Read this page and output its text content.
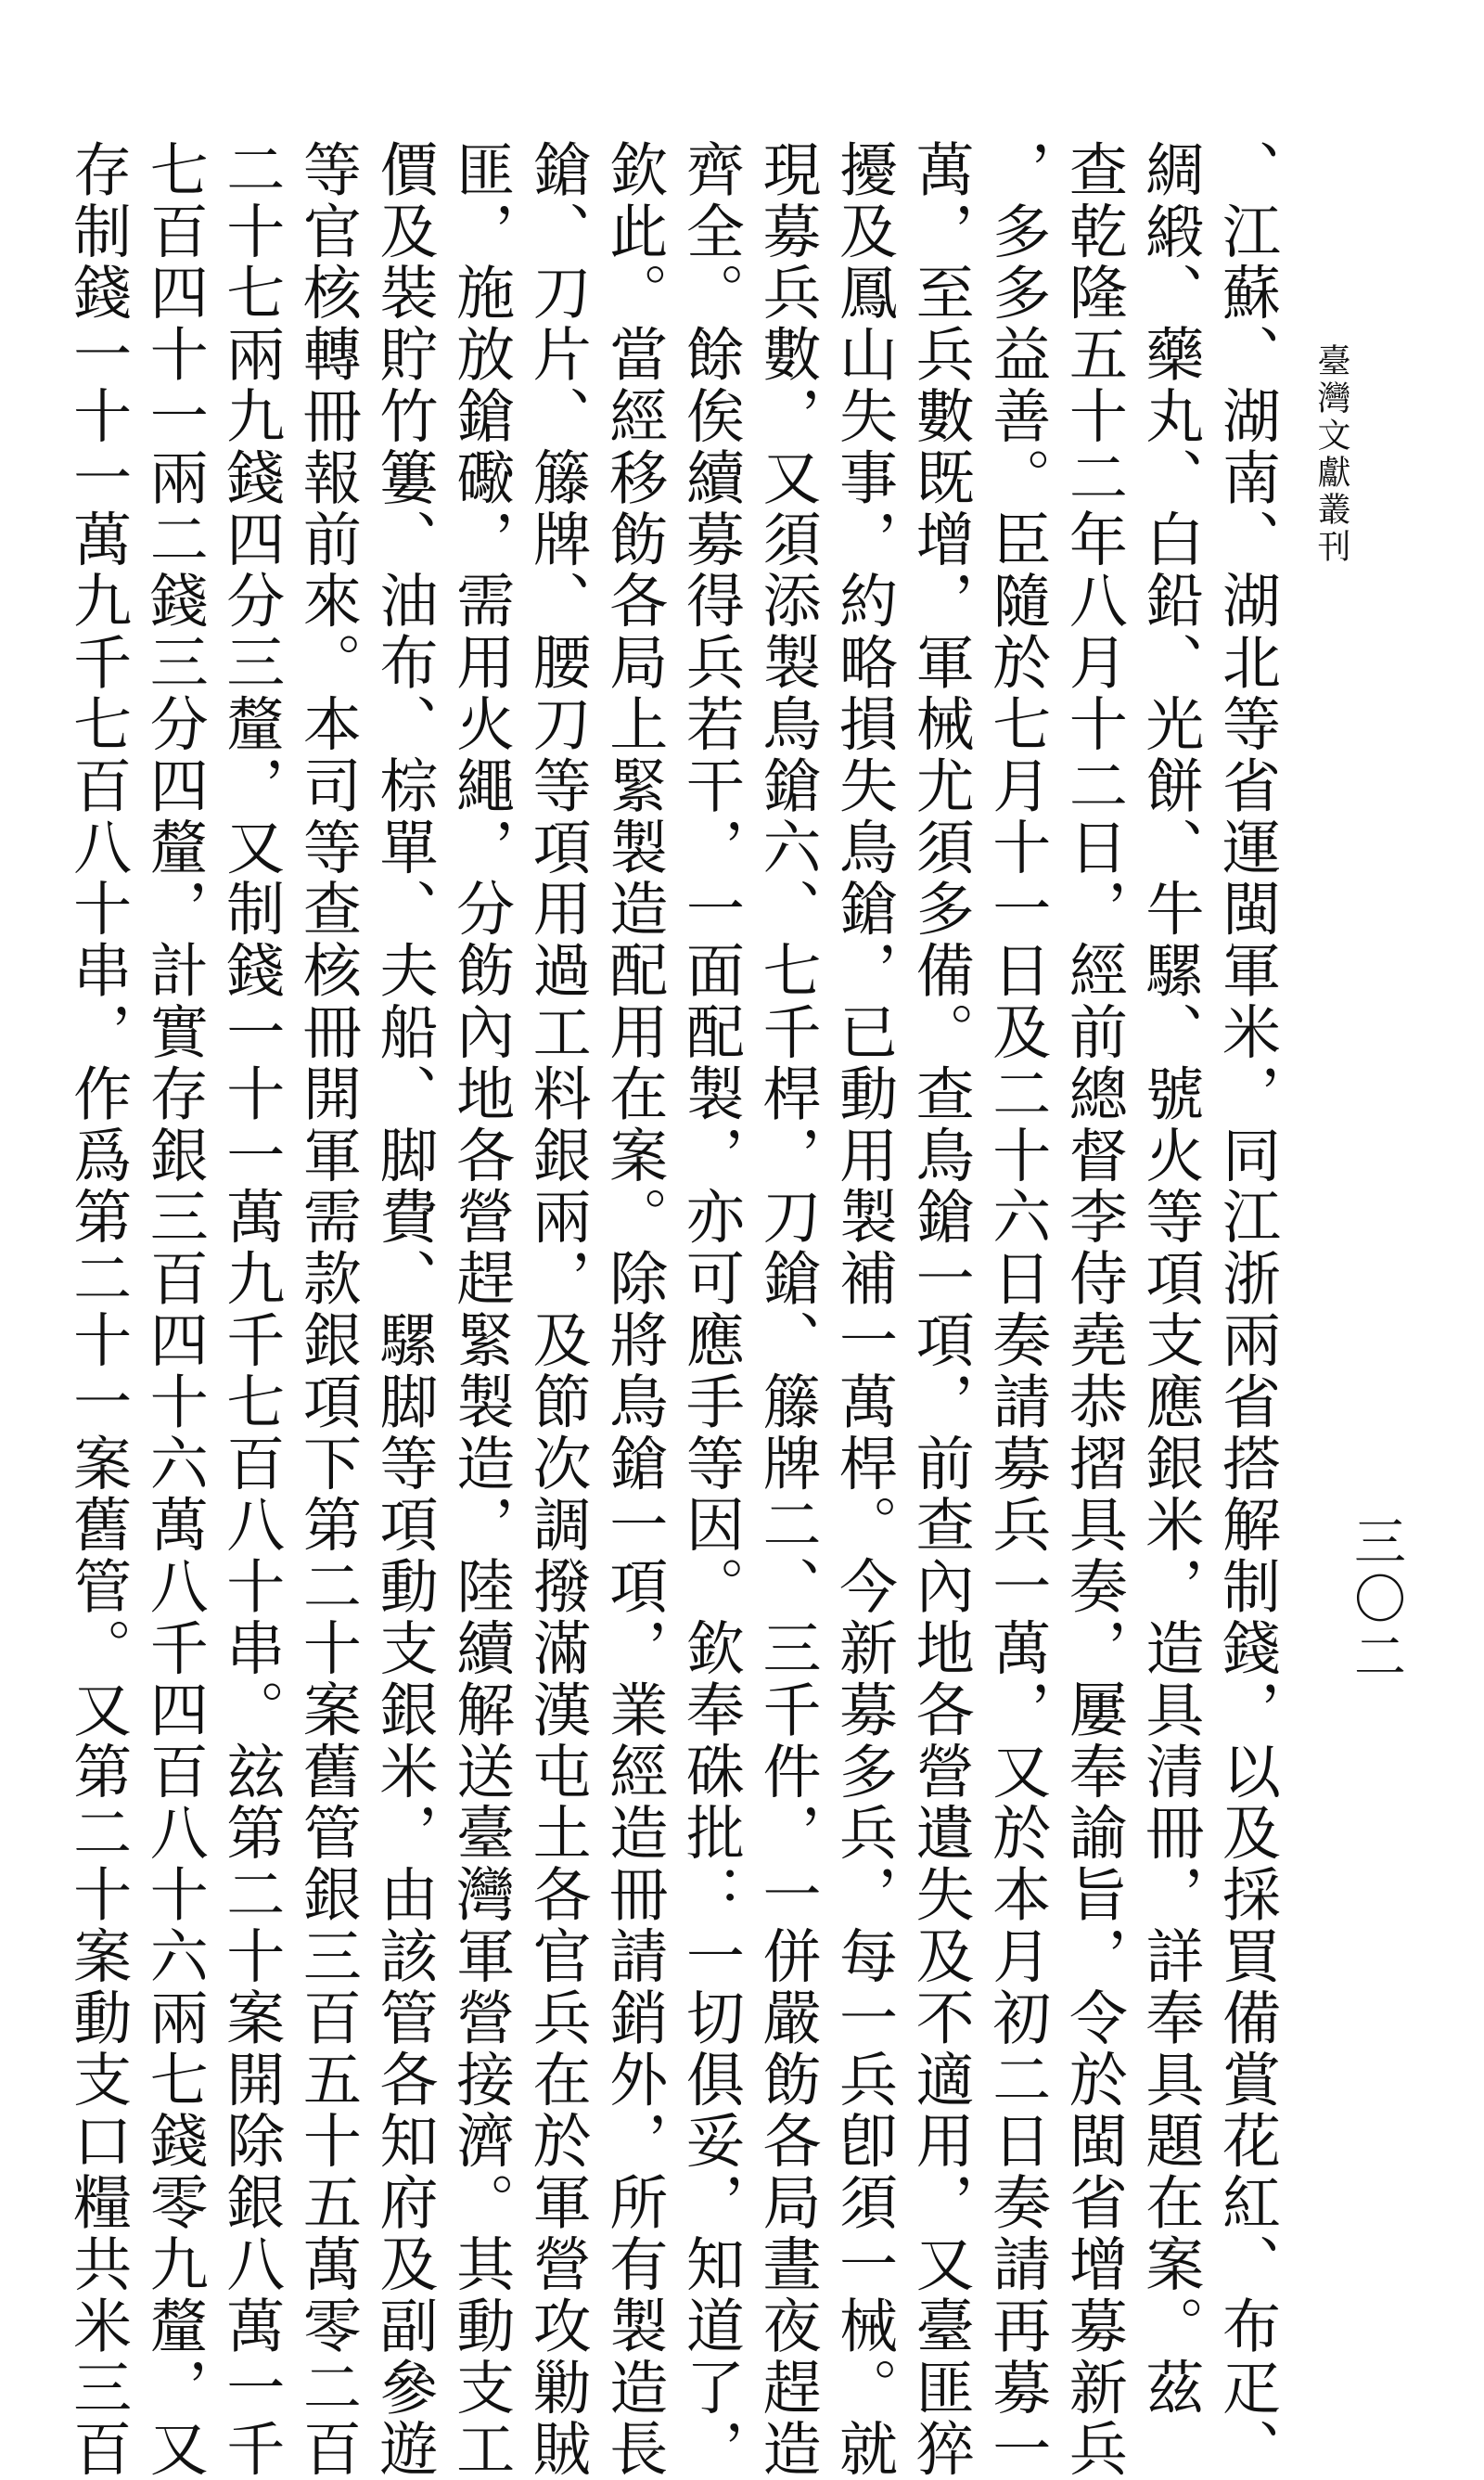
臺灣文獻叢刊
三〇二
、江蘇、湖南、湖北等省運閩軍米，同江浙兩省搭解制錢，以及採買備賞花紅、布疋、
綢緞、藥丸、白鉛、光餅、牛騾、號火等項支應銀米，造具清冊，詳奉具題在案。茲
查乾隆五十二年八月十二日，經前總督李侍堯恭摺具奏，屢奉諭旨，令於閩省增募新兵
，多多益善。臣隨於七月十一日及二十六日奏請募兵一萬，又於本月初二日奏請再募一
萬，至兵數既增，軍械尤須多備。查鳥鎗一項，前查內地各營遺失及不適用，又臺匪猝
擾及鳳山失事，約略損失鳥鎗，已動用製補一萬桿。今新募多兵，每一兵卽須一械。就
現募兵數，又須添製鳥鎗六、七千桿，刀鎗、籐牌二、三千件，一併嚴飭各局晝夜趕造
齊全。餘俟續募得兵若干，一面配製，亦可應手等因。欽奉硃批：一切俱妥，知道了，
欽此。當經移飭各局上緊製造配用在案。除將鳥鎗一項，業經造冊請銷外，所有製造長
鎗、刀片、籐牌、腰刀等項用過工料銀兩，及節次調撥滿漢屯土各官兵在於軍營攻勦賊
匪，施放鎗礮，需用火繩，分飭內地各營趕緊製造，陸續解送臺灣軍營接濟。其動支工
價及裝貯竹簍、油布、棕單、夫船、脚費、騾脚等項動支銀米，由該管各知府及副參遊
等官核轉冊報前來。本司等查核冊開軍需款銀項下第二十案舊管銀三百五十五萬零二百
二十七兩九錢四分三釐，又制錢一十一萬九千七百八十串。玆第二十案開除銀八萬一千
七百四十一兩二錢三分四釐，計實存銀三百四十六萬八千四百八十六兩七錢零九釐，又
存制錢一十一萬九千七百八十串，作爲第二十一案舊管。又第二十案動支口糧共米三百
